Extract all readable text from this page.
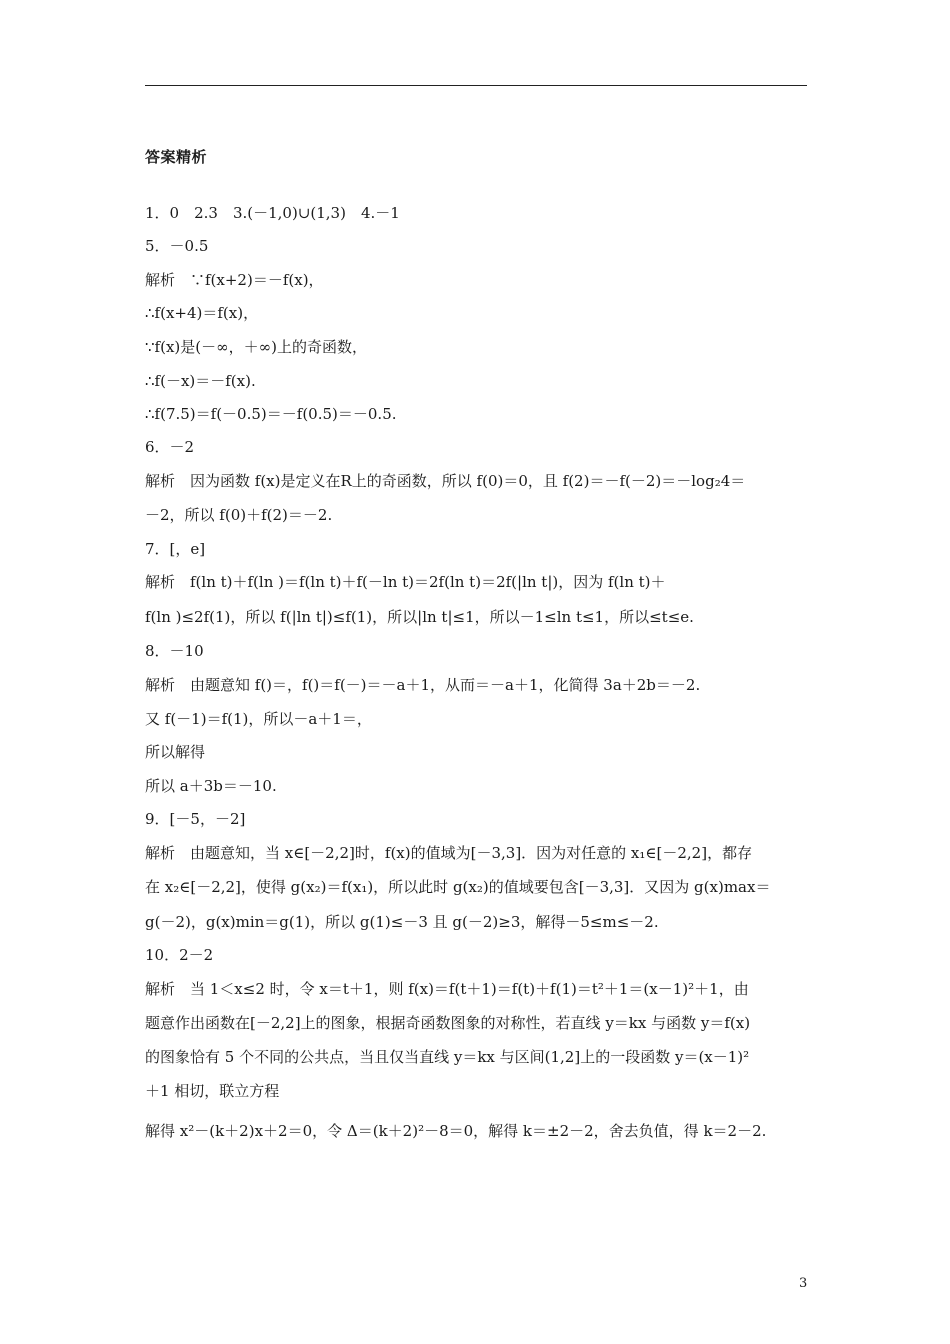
答案精析
1．0　2.3　3.(－1,0)∪(1,3)　4.－1
5．－0.5
解析　∵f(x+2)＝－f(x)，
∴f(x+4)＝f(x)，
∵f(x)是(－∞，＋∞)上的奇函数，
∴f(－x)＝－f(x).
∴f(7.5)＝f(－0.5)＝－f(0.5)＝－0.5.
6．－2
解析　因为函数 f(x)是定义在R上的奇函数，所以 f(0)＝0，且 f(2)＝－f(－2)＝－log₂4＝
－2，所以 f(0)＋f(2)＝－2.
7．[，e]
解析　f(ln t)＋f(ln )＝f(ln t)＋f(－ln t)＝2f(ln t)＝2f(|ln t|)，因为 f(ln t)＋
f(ln )≤2f(1)，所以 f(|ln t|)≤f(1)，所以|ln t|≤1，所以－1≤ln t≤1，所以≤t≤e.
8．－10
解析　由题意知 f()＝，f()＝f(－)＝－a＋1，从而＝－a＋1，化简得 3a＋2b＝－2.
又 f(－1)＝f(1)，所以－a＋1＝，
所以解得
所以 a＋3b＝－10.
9．[－5，－2]
解析　由题意知，当 x∈[－2,2]时，f(x)的值域为[－3,3]．因为对任意的 x₁∈[－2,2]，都存
在 x₂∈[－2,2]，使得 g(x₂)＝f(x₁)，所以此时 g(x₂)的值域要包含[－3,3]．又因为 g(x)max＝
g(－2)，g(x)min＝g(1)，所以 g(1)≤－3 且 g(－2)≥3，解得－5≤m≤－2.
10．2－2
解析　当 1＜x≤2 时，令 x＝t＋1，则 f(x)＝f(t＋1)＝f(t)＋f(1)＝t²＋1＝(x－1)²＋1，由
题意作出函数在[－2,2]上的图象，根据奇函数图象的对称性，若直线 y＝kx 与函数 y＝f(x)
的图象恰有 5 个不同的公共点，当且仅当直线 y＝kx 与区间(1,2]上的一段函数 y＝(x－1)²
＋1 相切，联立方程
解得 x²－(k＋2)x＋2＝0，令 Δ＝(k＋2)²－8＝0，解得 k＝±2－2，舍去负值，得 k＝2－2.
3
